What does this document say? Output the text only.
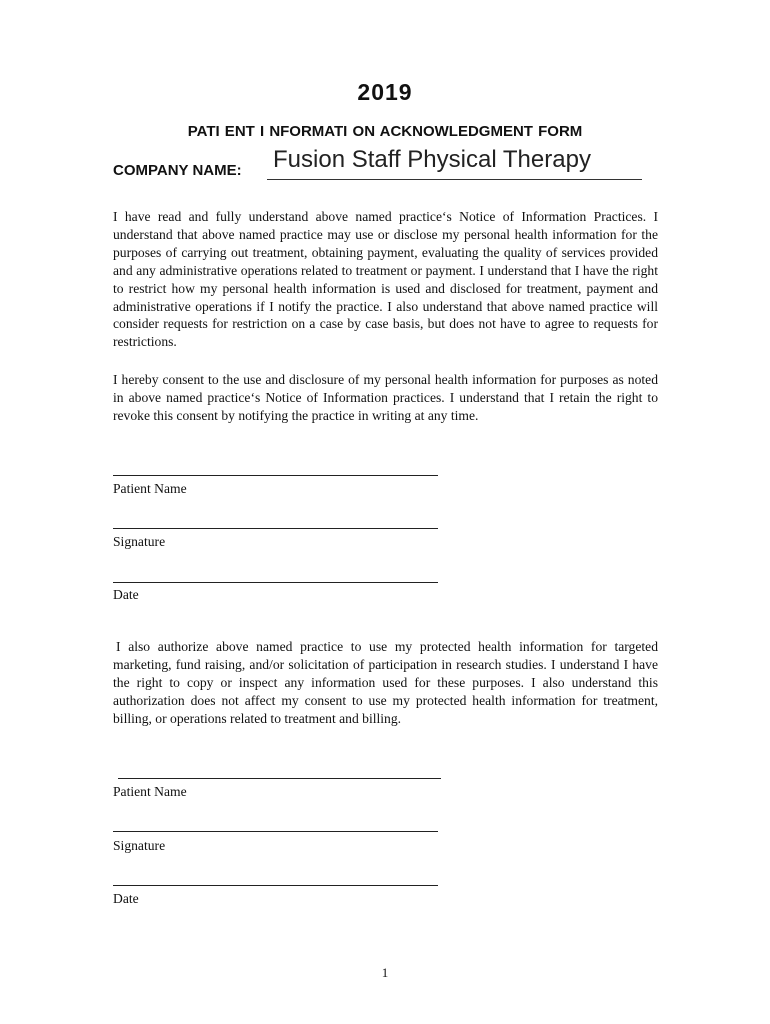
2019
PATI ENT I NFORMATI ON ACKNOWLEDGMENT FORM
COMPANY NAME: Fusion Staff Physical Therapy

I have read and fully understand above named practice‘s Notice of Information Practices. I understand that above named practice may use or disclose my personal health information for the purposes of carrying out treatment, obtaining payment, evaluating the quality of services provided and any administrative operations related to treatment or payment. I understand that I have the right to restrict how my personal health information is used and disclosed for treatment, payment and administrative operations if I notify the practice. I also understand that above named practice will consider requests for restriction on a case by case basis, but does not have to agree to requests for restrictions.

I hereby consent to the use and disclosure of my personal health information for purposes as noted in above named practice‘s Notice of Information practices. I understand that I retain the right to revoke this consent by notifying the practice in writing at any time.

Patient Name
Signature
Date

I also authorize above named practice to use my protected health information for targeted marketing, fund raising, and/or solicitation of participation in research studies. I understand I have the right to copy or inspect any information used for these purposes. I also understand this authorization does not affect my consent to use my protected health information for treatment, billing, or operations related to treatment and billing.

Patient Name
Signature
Date
1
